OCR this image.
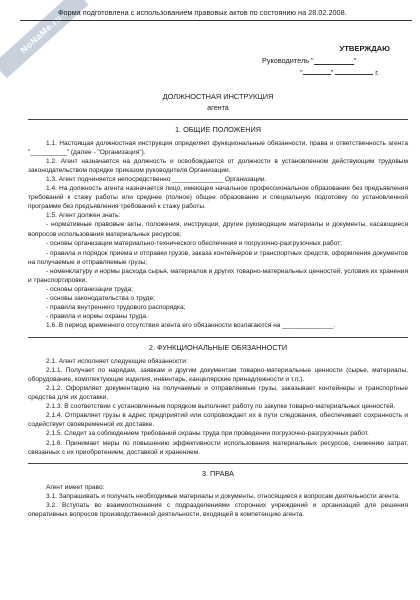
NoNaMe.ru
Форма подготовлена с использованием правовых актов по состоянию на 28.02.2008.
УТВЕРЖДАЮ
Руководитель "	"
"	"	г.
ДОЛЖНОСТНАЯ ИНСТРУКЦИЯ
агента
1. ОБЩИЕ ПОЛОЖЕНИЯ

1.1. Настоящая должностная инструкция определяет функциональные обязанности, права и ответственность агента "__________" (далее - "Организация").

1.2. Агент назначается на должность и освобождается от должности в установленном действующим трудовым законодательством порядке приказом руководителя Организации.

1.3. Агент подчиняется непосредственно ______________ Организации.

1.4. На должность агента назначается лицо, имеющее начальное профессиональное образование без предъявления требований к стажу работы или среднее (полное) общее образование и специальную подготовку по установленной программе без предъявления требований к стажу работы.

1.5. Агент должен знать:

- нормативные правовые акты, положения, инструкции, другие руководящие материалы и документы, касающиеся вопросов использования материальных ресурсов;

- основы организации материально-технического обеспечения и погрузочно-разгрузочных работ;

- правила и порядок приема и отправки грузов, заказа контейнеров и транспортных средств, оформления документов на получаемые и отправляемые грузы;

- номенклатуру и нормы расхода сырья, материалов и других товарно-материальных ценностей, условия их хранения и транспортировки;

- основы организации труда;

- основы законодательства о труде;

- правила внутреннего трудового распорядка;

- правила и нормы охраны труда.

1.6. В период временного отсутствия агента его обязанности возлагаются на ______________.

2. ФУНКЦИОНАЛЬНЫЕ ОБЯЗАННОСТИ

2.1. Агент исполняет следующие обязанности:

2.1.1. Получает по нарядам, заявкам и другим документам товарно-материальные ценности (сырье, материалы, оборудование, комплектующие изделия, инвентарь, канцелярские принадлежности и т.п.).

2.1.2. Оформляет документацию на получаемые и отправляемые грузы, заказывает контейнеры и транспортные средства для их доставки.

2.1.3. В соответствии с установленным порядком выполняет работу по закупке товарно-материальных ценностей.

2.1.4. Отправляет грузы в адрес предприятий или сопровождает их в пути следования, обеспечивает сохранность и содействует своевременной их доставке.

2.1.5. Следит за соблюдением требований охраны труда при проведении погрузочно-разгрузочных работ.

2.1.6. Принимает меры по повышению эффективности использования материальных ресурсов, снижению затрат, связанных с их приобретением, доставкой и хранением.

3. ПРАВА

Агент имеет право:

3.1. Запрашивать и получать необходимые материалы и документы, относящиеся к вопросам деятельности агента.

3.2. Вступать во взаимоотношения с подразделениями сторонних учреждений и организаций для решения оперативных вопросов производственной деятельности, входящей в компетенцию агента.
